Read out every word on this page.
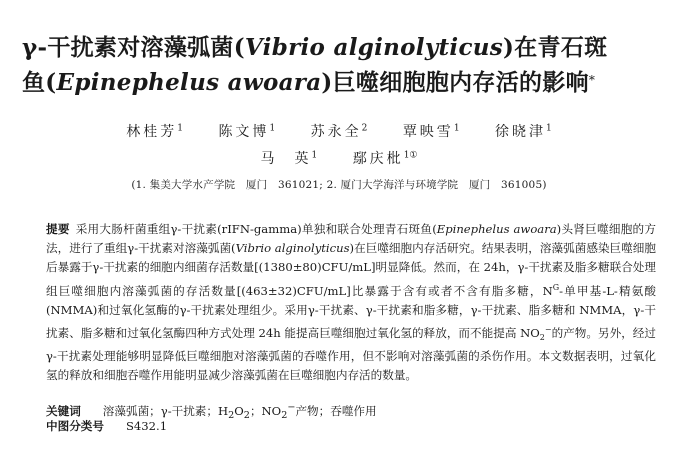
γ-干扰素对溶藻弧菌(Vibrio alginolyticus)在青石斑
鱼(Epinephelus awoara)巨噬细胞胞内存活的影响*
林桂芳$^1$	陈文博$^1$	苏永全$^2$	覃映雪$^1$	徐晓津$^1$
马　英$^1$	鄢庆枇$^{1①}$
(1. 集美大学水产学院　厦门　361021; 2. 厦门大学海洋与环境学院　厦门　361005)
提要 采用大肠杆菌重组γ-干扰素(rIFN-gamma)单独和联合处理青石斑鱼(Epinephelus awoara)头肾巨噬细胞的方法，进行了重组γ-干扰素对溶藻弧菌(Vibrio alginolyticus)在巨噬细胞内存活研究。结果表明，溶藻弧菌感染巨噬细胞后暴露于γ-干扰素的细胞内细菌存活数量[(1380±80)CFU/mL]明显降低。然而，在 24h，γ-干扰素及脂多糖联合处理组巨噬细胞内溶藻弧菌的存活数量[(463±32)CFU/mL]比暴露于含有或者不含有脂多糖，$N^G-$单甲基-L-精氨酸(NMMA)和过氧化氢酶的γ-干扰素处理组少。采用γ-干扰素、γ-干扰素和脂多糖，γ-干扰素、脂多糖和 NMMA，γ-干扰素、脂多糖和过氧化氢酶四种方式处理 24h 能提高巨噬细胞过氧化氢的释放，而不能提高 $NO_2^-$的产物。另外，经过γ-干扰素处理能够明显降低巨噬细胞对溶藻弧菌的吞噬作用，但不影响对溶藻弧菌的杀伤作用。本文数据表明，过氧化氢的释放和细胞吞噬作用能明显减少溶藻弧菌在巨噬细胞内存活的数量。
关键词 溶藻弧菌；γ-干扰素；$H_2O_2$；$NO_2^-$产物；吞噬作用
中图分类号 S432.1
